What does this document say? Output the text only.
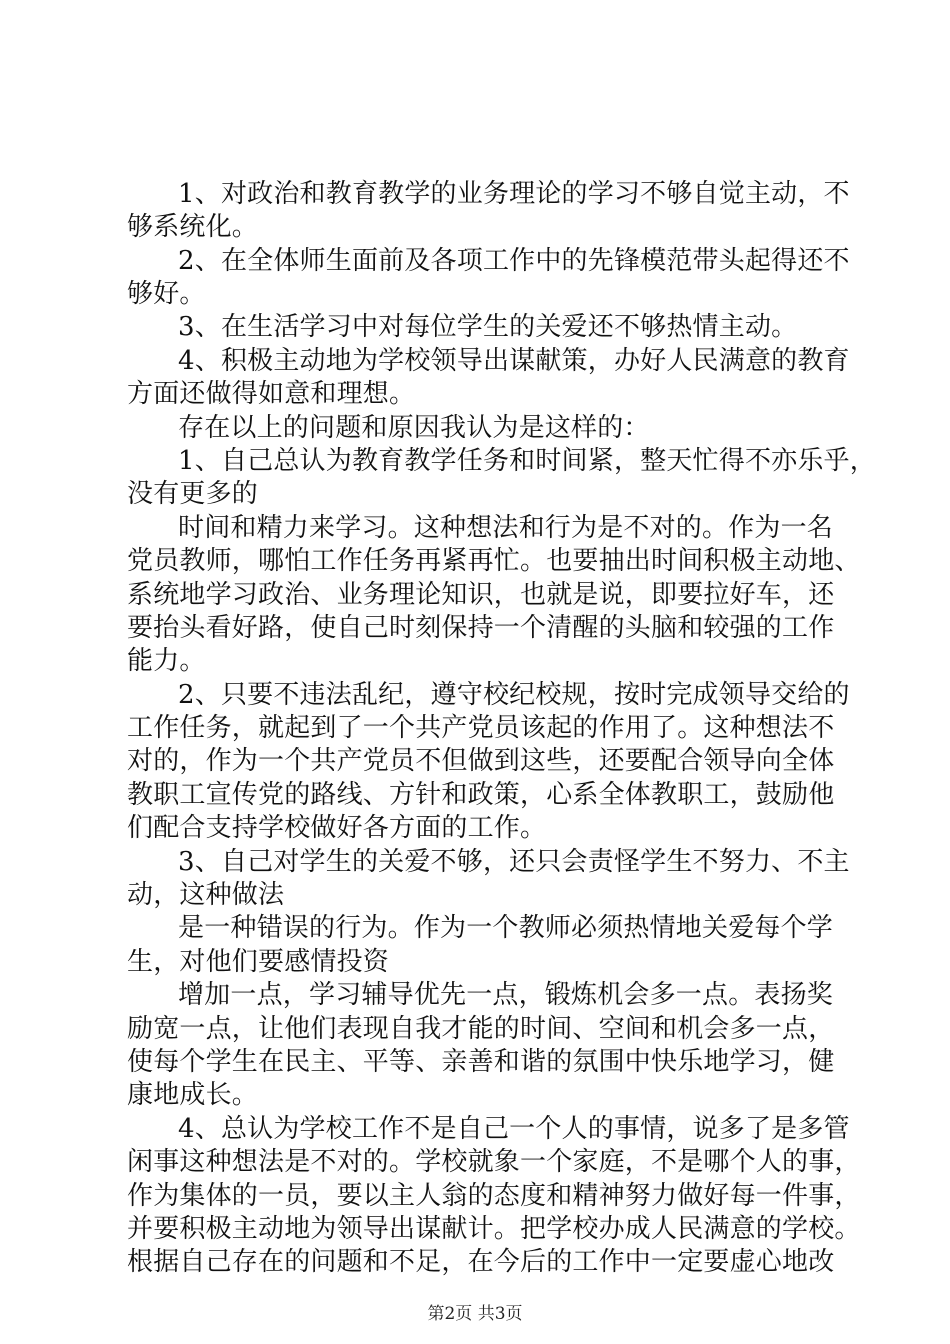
1、对政治和教育教学的业务理论的学习不够自觉主动，不
够系统化。
2、在全体师生面前及各项工作中的先锋模范带头起得还不
够好。
3、在生活学习中对每位学生的关爱还不够热情主动。
4、积极主动地为学校领导出谋献策，办好人民满意的教育
方面还做得如意和理想。
存在以上的问题和原因我认为是这样的：
1、自己总认为教育教学任务和时间紧，整天忙得不亦乐乎，
没有更多的
时间和精力来学习。这种想法和行为是不对的。作为一名
党员教师，哪怕工作任务再紧再忙。也要抽出时间积极主动地、
系统地学习政治、业务理论知识，也就是说，即要拉好车，还
要抬头看好路，使自己时刻保持一个清醒的头脑和较强的工作
能力。
2、只要不违法乱纪，遵守校纪校规，按时完成领导交给的
工作任务，就起到了一个共产党员该起的作用了。这种想法不
对的，作为一个共产党员不但做到这些，还要配合领导向全体
教职工宣传党的路线、方针和政策，心系全体教职工，鼓励他
们配合支持学校做好各方面的工作。
3、自己对学生的关爱不够，还只会责怪学生不努力、不主
动，这种做法
是一种错误的行为。作为一个教师必须热情地关爱每个学
生，对他们要感情投资
增加一点，学习辅导优先一点，锻炼机会多一点。表扬奖
励宽一点，让他们表现自我才能的时间、空间和机会多一点，
使每个学生在民主、平等、亲善和谐的氛围中快乐地学习，健
康地成长。
4、总认为学校工作不是自己一个人的事情，说多了是多管
闲事这种想法是不对的。学校就象一个家庭，不是哪个人的事，
作为集体的一员，要以主人翁的态度和精神努力做好每一件事，
并要积极主动地为领导出谋献计。把学校办成人民满意的学校。
根据自己存在的问题和不足，在今后的工作中一定要虚心地改
第2页 共3页
